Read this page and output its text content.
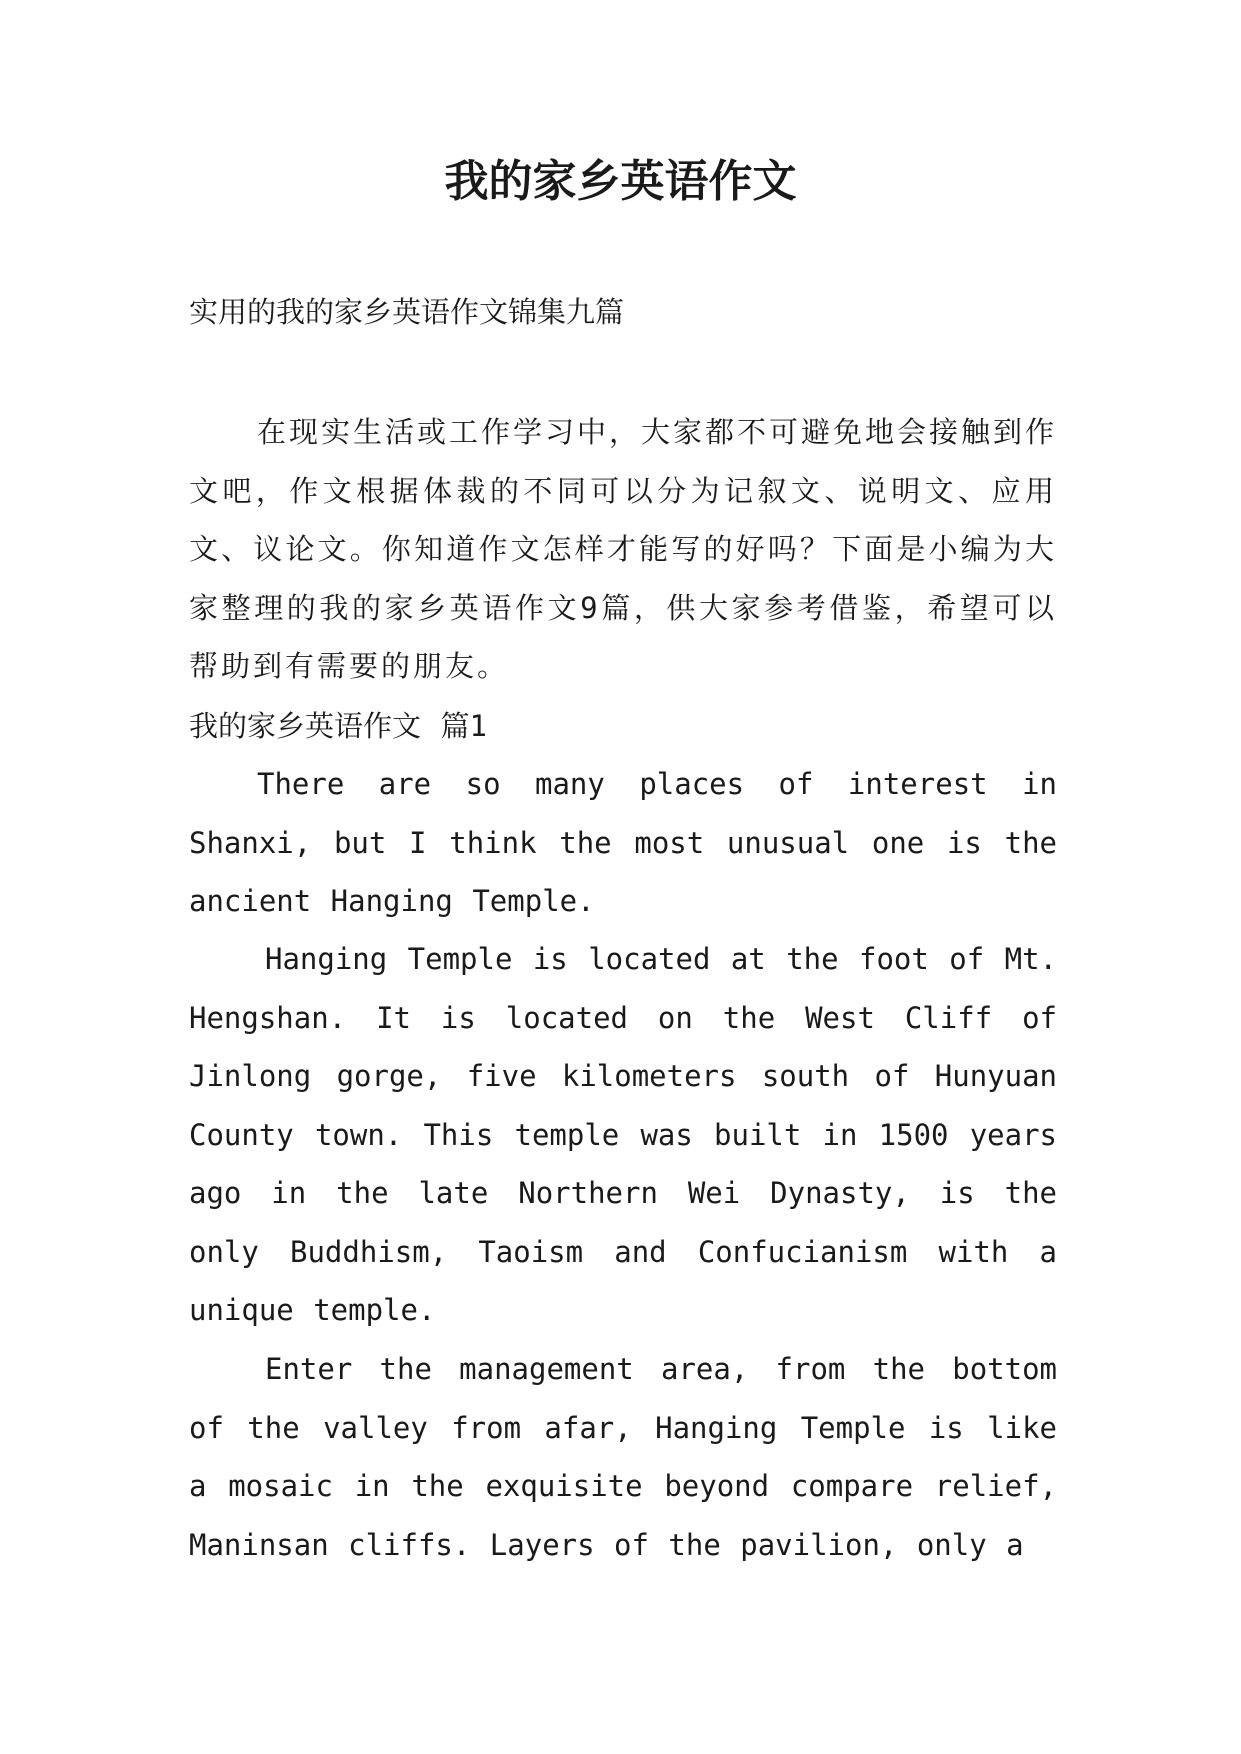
我的家乡英语作文

实用的我的家乡英语作文锦集九篇

在现实生活或工作学习中，大家都不可避免地会接触到作文吧，作文根据体裁的不同可以分为记叙文、说明文、应用文、议论文。你知道作文怎样才能写的好吗？下面是小编为大家整理的我的家乡英语作文9篇，供大家参考借鉴，希望可以帮助到有需要的朋友。

我的家乡英语作文 篇1

There are so many places of interest in Shanxi, but I think the most unusual one is the ancient Hanging Temple.

Hanging Temple is located at the foot of Mt. Hengshan. It is located on the West Cliff of Jinlong gorge, five kilometers south of Hunyuan County town. This temple was built in 1500 years ago in the late Northern Wei Dynasty, is the only Buddhism, Taoism and Confucianism with a unique temple.

Enter the management area, from the bottom of the valley from afar, Hanging Temple is like a mosaic in the exquisite beyond compare relief, Maninsan cliffs. Layers of the pavilion, only a
